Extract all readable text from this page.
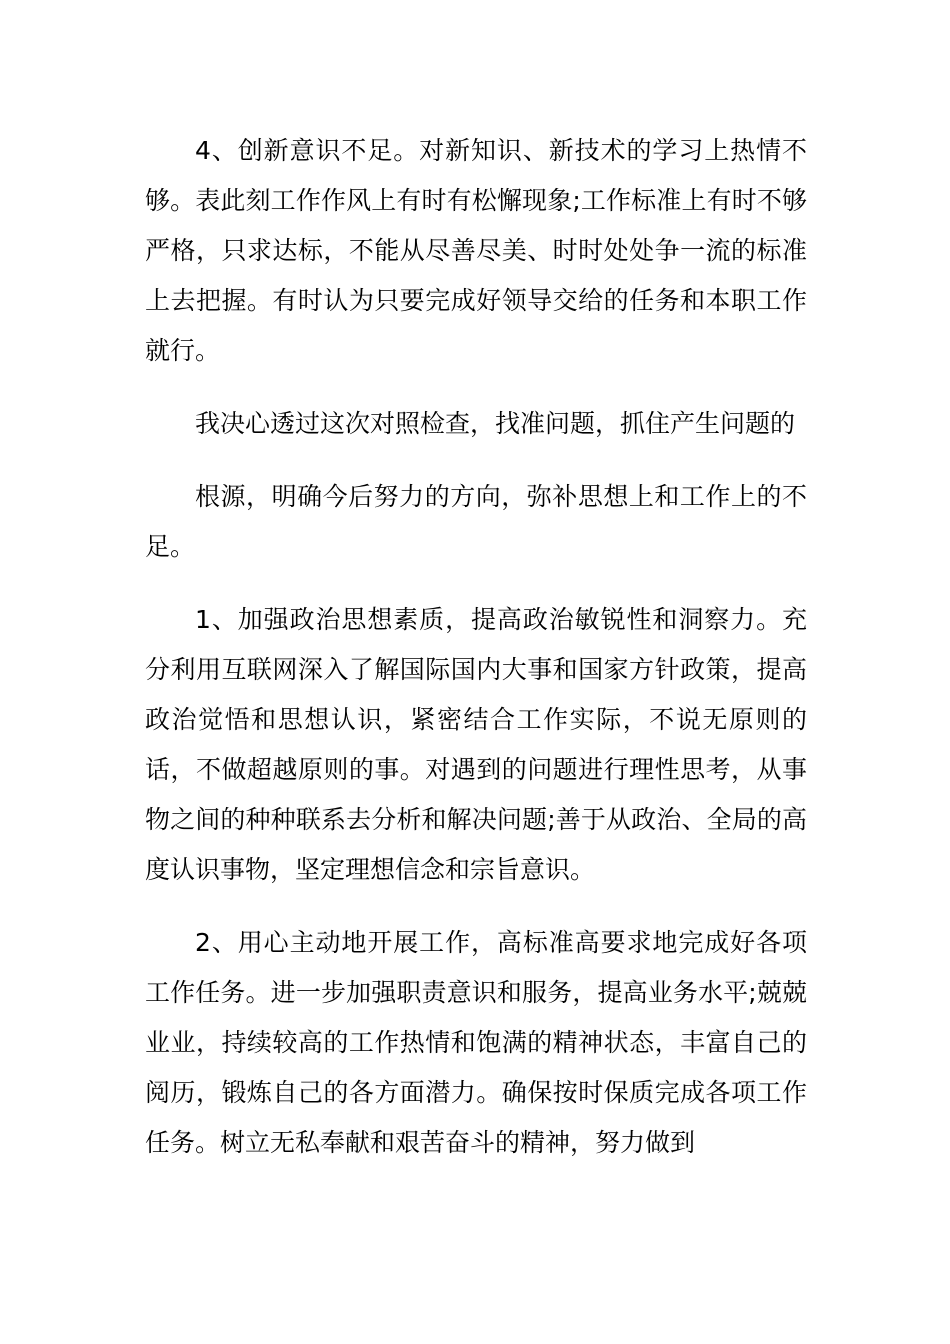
4、创新意识不足。对新知识、新技术的学习上热情不够。表此刻工作作风上有时有松懈现象;工作标准上有时不够严格，只求达标，不能从尽善尽美、时时处处争一流的标准上去把握。有时认为只要完成好领导交给的任务和本职工作就行。

我决心透过这次对照检查，找准问题，抓住产生问题的

根源，明确今后努力的方向，弥补思想上和工作上的不足。

1、加强政治思想素质，提高政治敏锐性和洞察力。充分利用互联网深入了解国际国内大事和国家方针政策，提高政治觉悟和思想认识，紧密结合工作实际，不说无原则的话，不做超越原则的事。对遇到的问题进行理性思考，从事物之间的种种联系去分析和解决问题;善于从政治、全局的高度认识事物，坚定理想信念和宗旨意识。

2、用心主动地开展工作，高标准高要求地完成好各项工作任务。进一步加强职责意识和服务，提高业务水平;兢兢业业，持续较高的工作热情和饱满的精神状态，丰富自己的阅历，锻炼自己的各方面潜力。确保按时保质完成各项工作任务。树立无私奉献和艰苦奋斗的精神，努力做到
